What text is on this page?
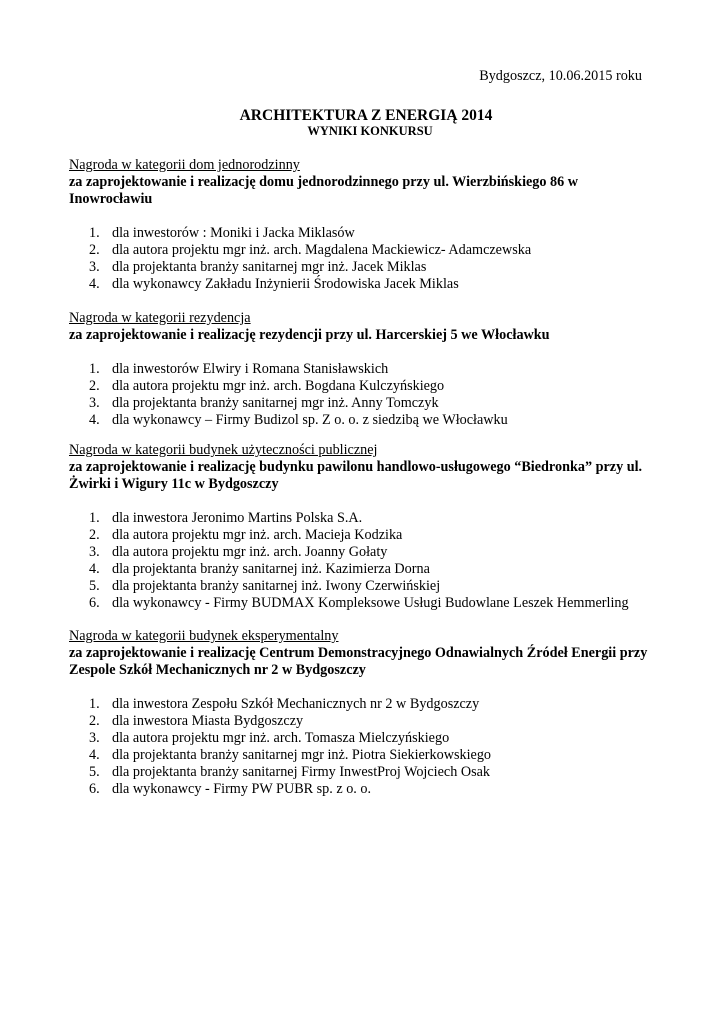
Bydgoszcz, 10.06.2015 roku
ARCHITEKTURA Z ENERGIĄ 2014
WYNIKI KONKURSU

Nagroda w kategorii dom jednorodzinny

za zaprojektowanie i realizację domu jednorodzinnego przy ul. Wierzbińskiego 86 w Inowrocławiu

1. dla inwestorów : Moniki i Jacka Miklasów
2. dla autora projektu mgr inż. arch. Magdalena Mackiewicz- Adamczewska
3. dla projektanta branży sanitarnej mgr inż. Jacek Miklas
4. dla wykonawcy Zakładu Inżynierii Środowiska Jacek Miklas

Nagroda w kategorii rezydencja

za zaprojektowanie i realizację rezydencji przy ul. Harcerskiej 5 we Włocławku

1. dla inwestorów Elwiry i Romana Stanisławskich
2. dla autora projektu mgr inż. arch. Bogdana Kulczyńskiego
3. dla projektanta branży sanitarnej mgr inż. Anny Tomczyk
4. dla wykonawcy – Firmy Budizol sp. Z o. o. z siedzibą we Włocławku

Nagroda w kategorii budynek użyteczności publicznej

za zaprojektowanie i realizację budynku pawilonu handlowo-usługowego “Biedronka” przy ul. Żwirki i Wigury 11c w Bydgoszczy

1. dla inwestora Jeronimo Martins Polska S.A.
2. dla autora projektu mgr inż. arch. Macieja Kodzika
3. dla autora projektu mgr inż. arch. Joanny Gołaty
4. dla projektanta branży sanitarnej inż. Kazimierza Dorna
5. dla projektanta branży sanitarnej inż. Iwony Czerwińskiej
6. dla wykonawcy - Firmy BUDMAX Kompleksowe Usługi Budowlane Leszek Hemmerling

Nagroda w kategorii budynek eksperymentalny

za zaprojektowanie i realizację Centrum Demonstracyjnego Odnawialnych Źródeł Energii przy Zespole Szkół Mechanicznych nr 2 w Bydgoszczy

1. dla inwestora Zespołu Szkół Mechanicznych nr 2 w Bydgoszczy
2. dla inwestora Miasta Bydgoszczy
3. dla autora projektu mgr inż. arch. Tomasza Mielczyńskiego
4. dla projektanta branży sanitarnej mgr inż. Piotra Siekierkowskiego
5. dla projektanta branży sanitarnej Firmy InwestProj Wojciech Osak
6. dla wykonawcy - Firmy PW PUBR sp. z o. o.
